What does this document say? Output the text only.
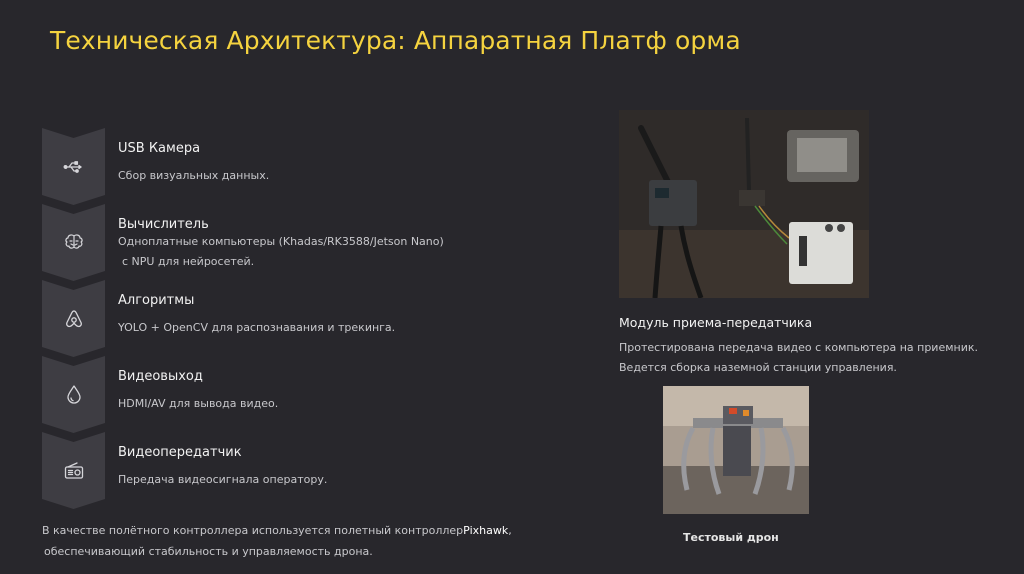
Техническая Архитектура: Аппаратная Платф орма
USB Камера
Сбор визуальных данных.
Вычислитель
Одноплатные компьютеры (Khadas/RK3588/Jetson Nano)
с NPU для нейросетей.
Алгоритмы
YOLO + OpenCV для распознавания и трекинга.
Видеовыход
HDMI/AV для вывода видео.
Видеопередатчик
Передача видеосигнала оператору.
В качестве полётного контроллера используется полетный контроллерPixhawk,
обеспечивающий стабильность и управляемость дрона.
Модуль приема-передатчика
Протестирована передача видео с компьютера на приемник.
Ведется сборка наземной станции управления.
Тестовый дрон
